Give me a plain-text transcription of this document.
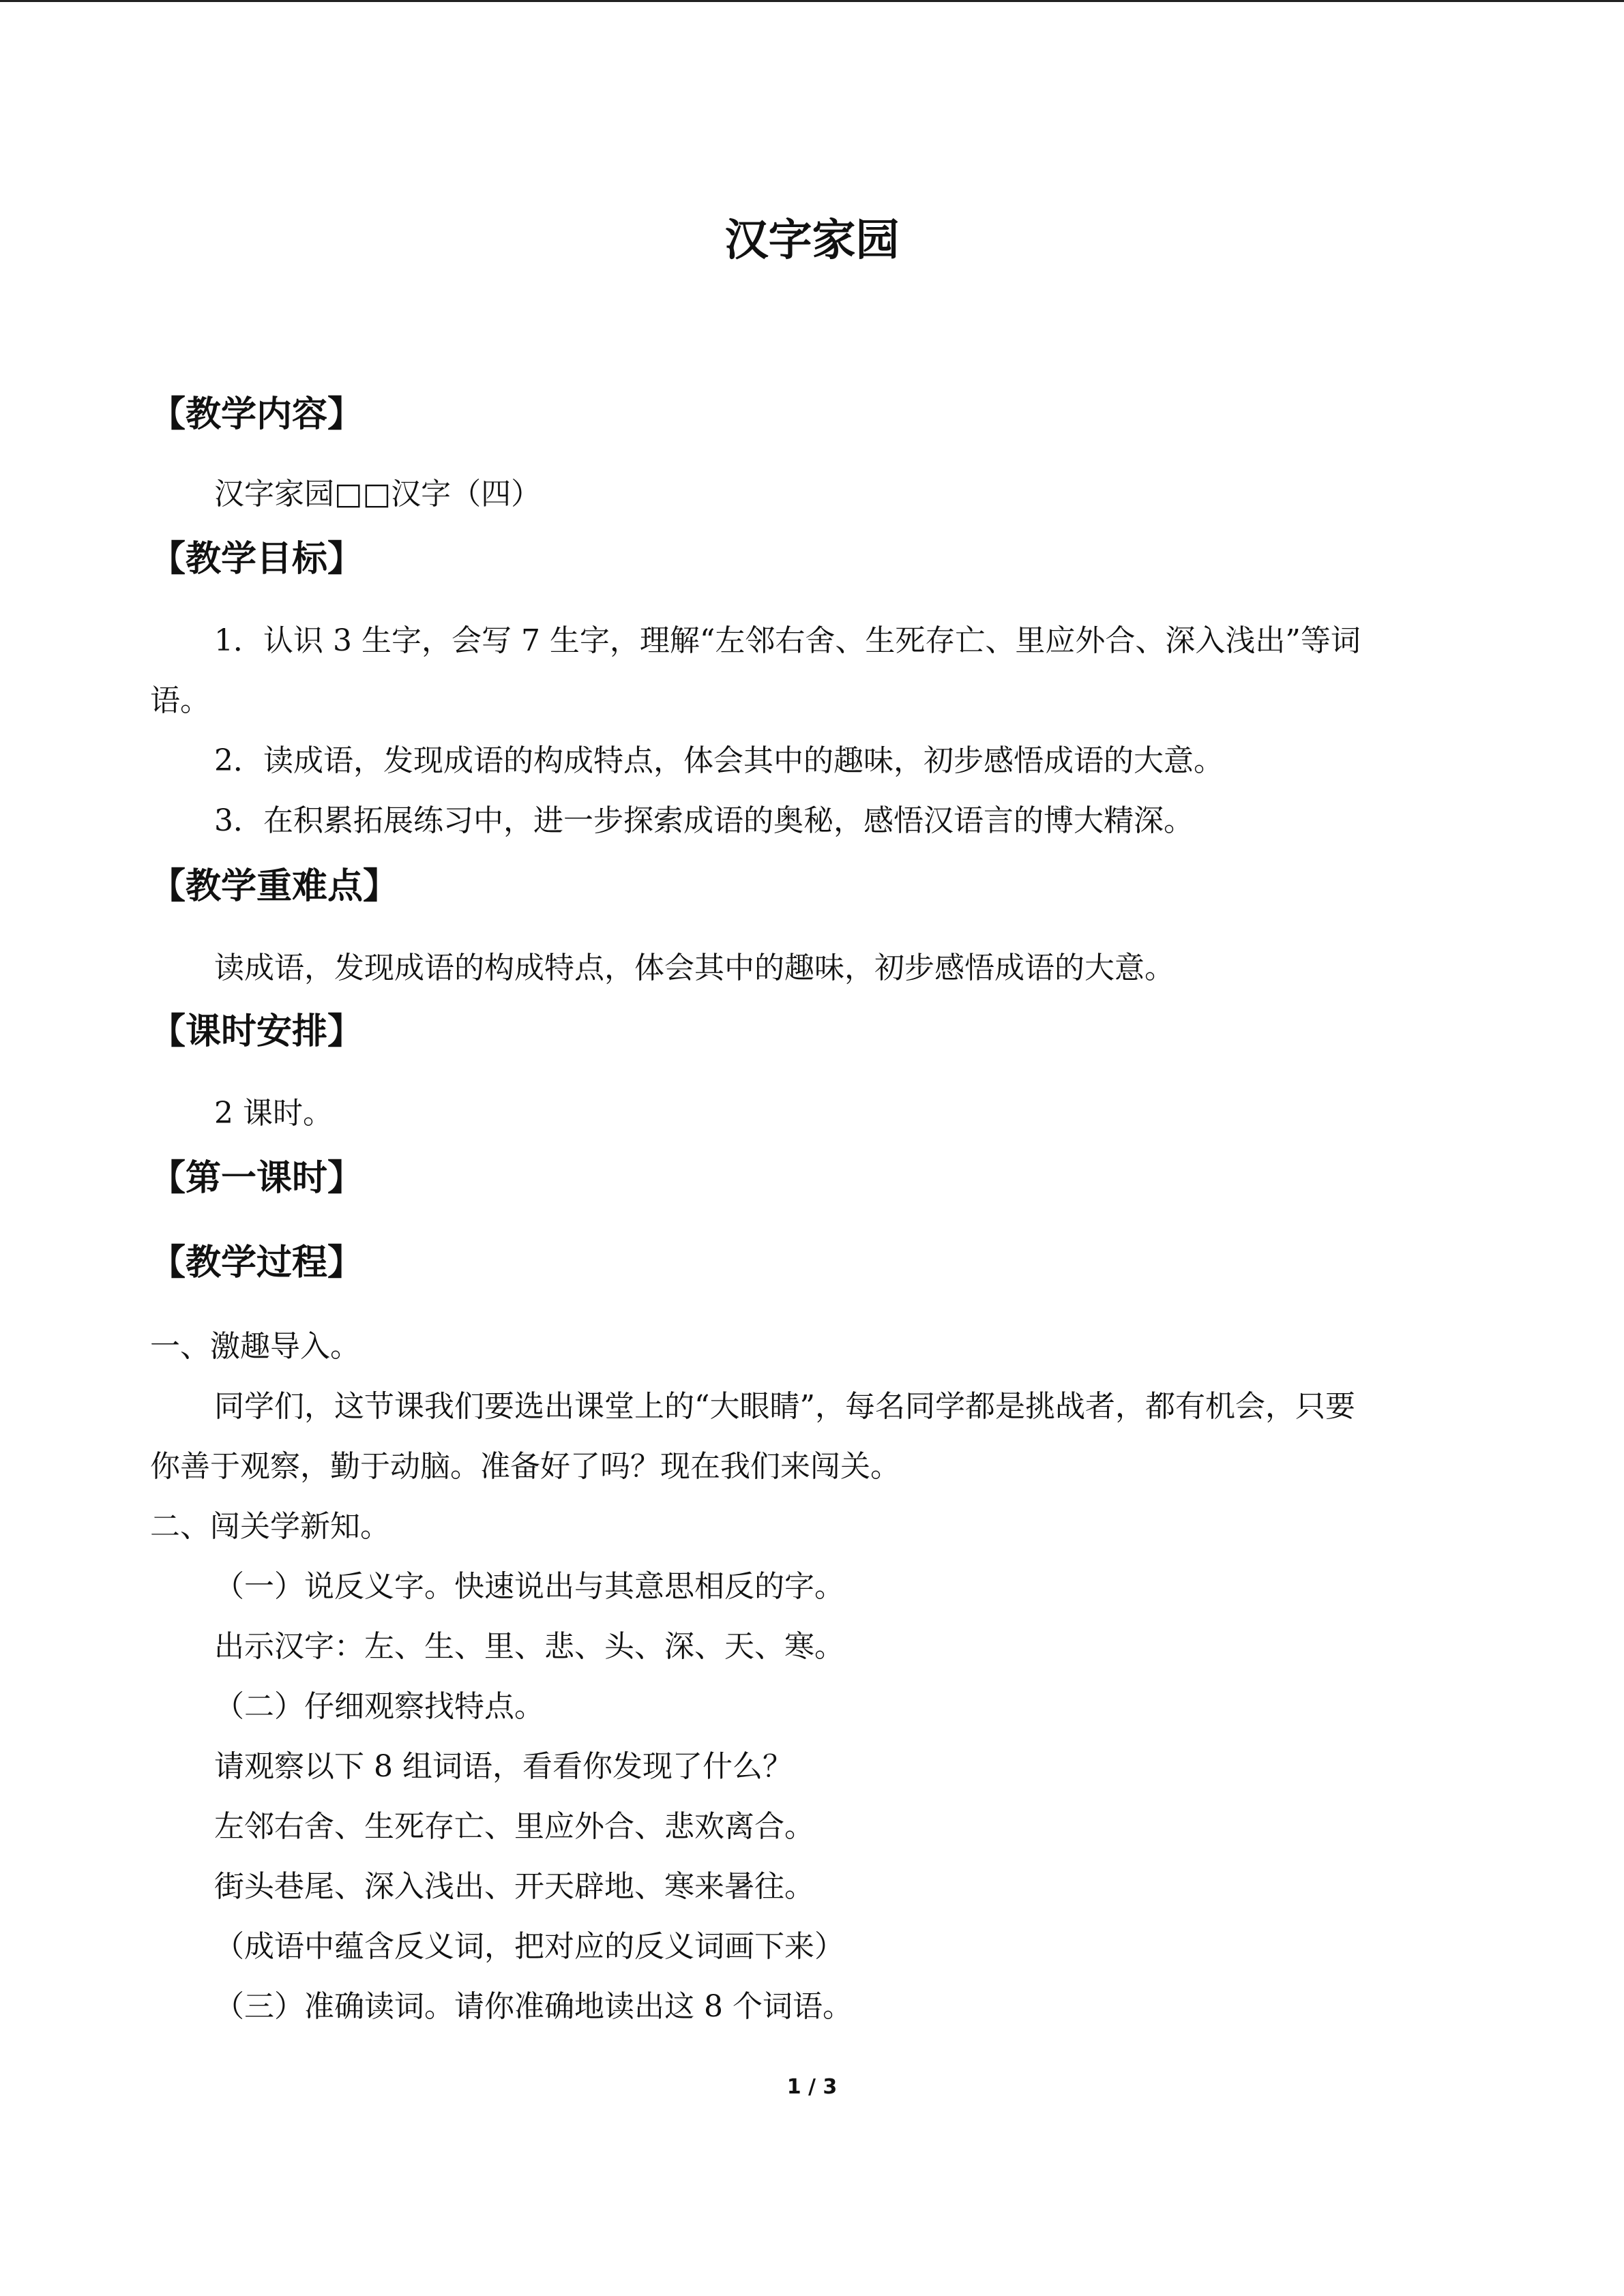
汉字家园
【教学内容】
汉字家园□□汉字（四）
【教学目标】
1．认识 3 生字，会写 7 生字，理解“左邻右舍、生死存亡、里应外合、深入浅出”等词
语。
2．读成语，发现成语的构成特点，体会其中的趣味，初步感悟成语的大意。
3．在积累拓展练习中，进一步探索成语的奥秘，感悟汉语言的博大精深。
【教学重难点】
读成语，发现成语的构成特点，体会其中的趣味，初步感悟成语的大意。
【课时安排】
2 课时。
【第一课时】
【教学过程】
一、激趣导入。
同学们，这节课我们要选出课堂上的“大眼睛”，每名同学都是挑战者，都有机会，只要
你善于观察，勤于动脑。准备好了吗？现在我们来闯关。
二、闯关学新知。
（一）说反义字。快速说出与其意思相反的字。
出示汉字：左、生、里、悲、头、深、天、寒。
（二）仔细观察找特点。
请观察以下 8 组词语，看看你发现了什么？
左邻右舍、生死存亡、里应外合、悲欢离合。
街头巷尾、深入浅出、开天辟地、寒来暑往。
（成语中蕴含反义词，把对应的反义词画下来）
（三）准确读词。请你准确地读出这 8 个词语。
1 / 3
